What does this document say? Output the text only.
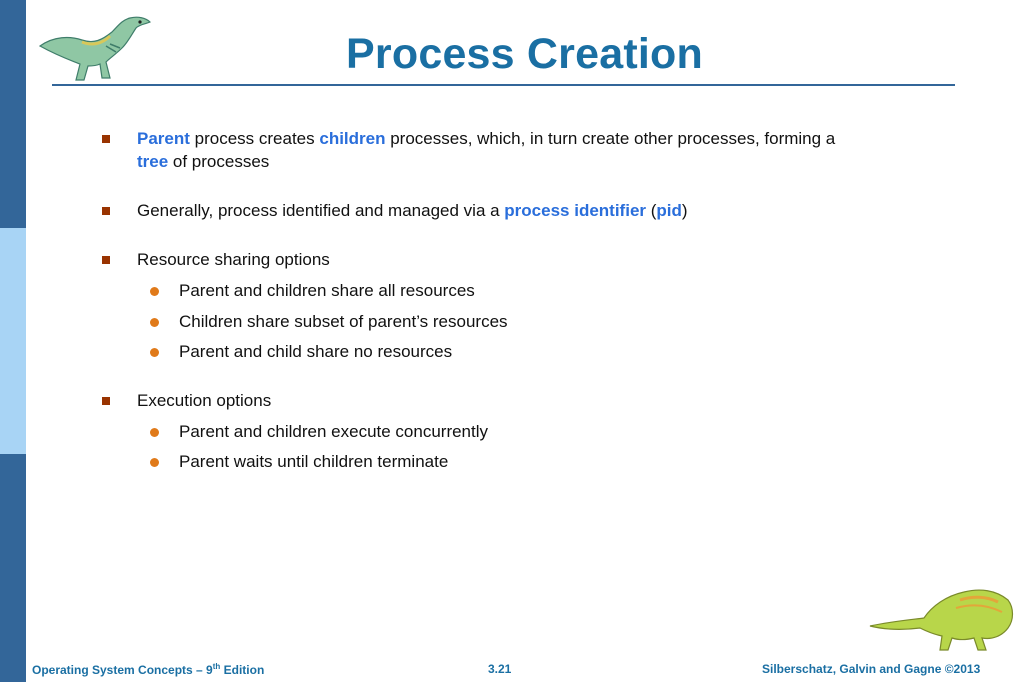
Process Creation
Parent process creates children processes, which, in turn create other processes, forming a
tree of processes
Generally, process identified and managed via a process identifier (pid)
Resource sharing options
Parent and children share all resources
Children share subset of parent’s resources
Parent and child share no resources
Execution options
Parent and children execute concurrently
Parent waits until children terminate
Operating System Concepts – 9th Edition	3.21	Silberschatz, Galvin and Gagne ©2013
